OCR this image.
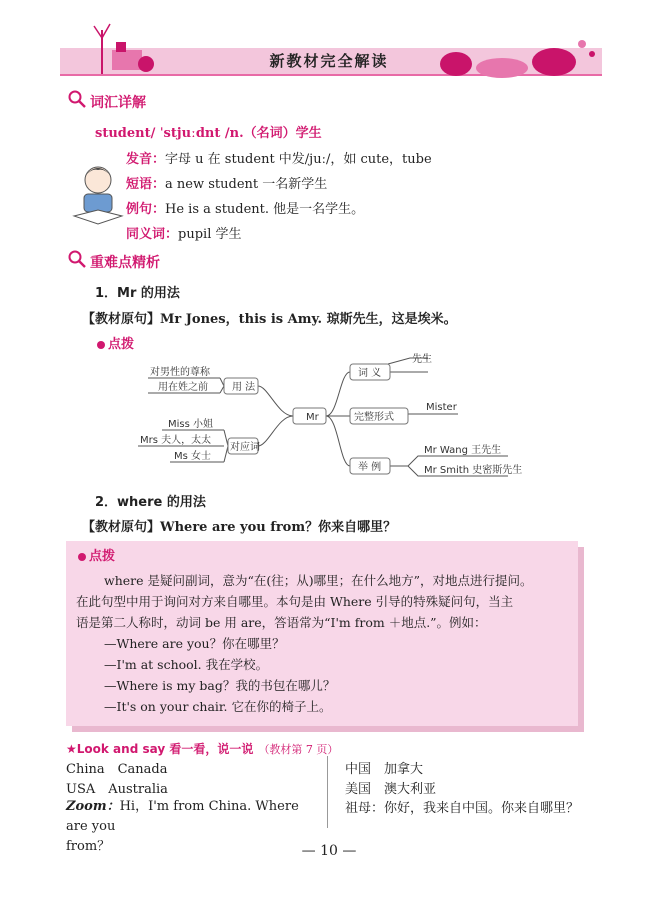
新教材完全解读
词汇详解
student/ ˈstjuːdnt /n.（名词）学生
发音：字母 u 在 student 中发/juː/，如 cute，tube
短语：a new student 一名新学生
例句：He is a student. 他是一名学生。
同义词：pupil 学生
重难点精析
1．Mr 的用法
【教材原句】Mr Jones，this is Amy. 琼斯先生，这是埃米。
点拨
用 法
对应词
Mr
词 义
完整形式
举 例
对男性的尊称
用在姓之前
Miss 小姐
Mrs 夫人，太太
Ms 女士
先生
Mister
Mr Wang 王先生
Mr Smith 史密斯先生
2．where 的用法
【教材原句】Where are you from？你来自哪里？
点拨
where 是疑问副词，意为“在(往；从)哪里；在什么地方”，对地点进行提问。
在此句型中用于询问对方来自哪里。本句是由 Where 引导的特殊疑问句，当主
语是第二人称时，动词 be 用 are，答语常为“I'm from ＋地点.”。例如：
—Where are you？你在哪里？
—I'm at school. 我在学校。
—Where is my bag？我的书包在哪儿？
—It's on your chair. 它在你的椅子上。
★Look and say 看一看，说一说 （教材第 7 页）
China　Canada
USA　Australia
Zoom：Hi，I'm from China. Where are you
from？
中国　加拿大
美国　澳大利亚
祖母：你好，我来自中国。你来自哪里？
— 10 —
